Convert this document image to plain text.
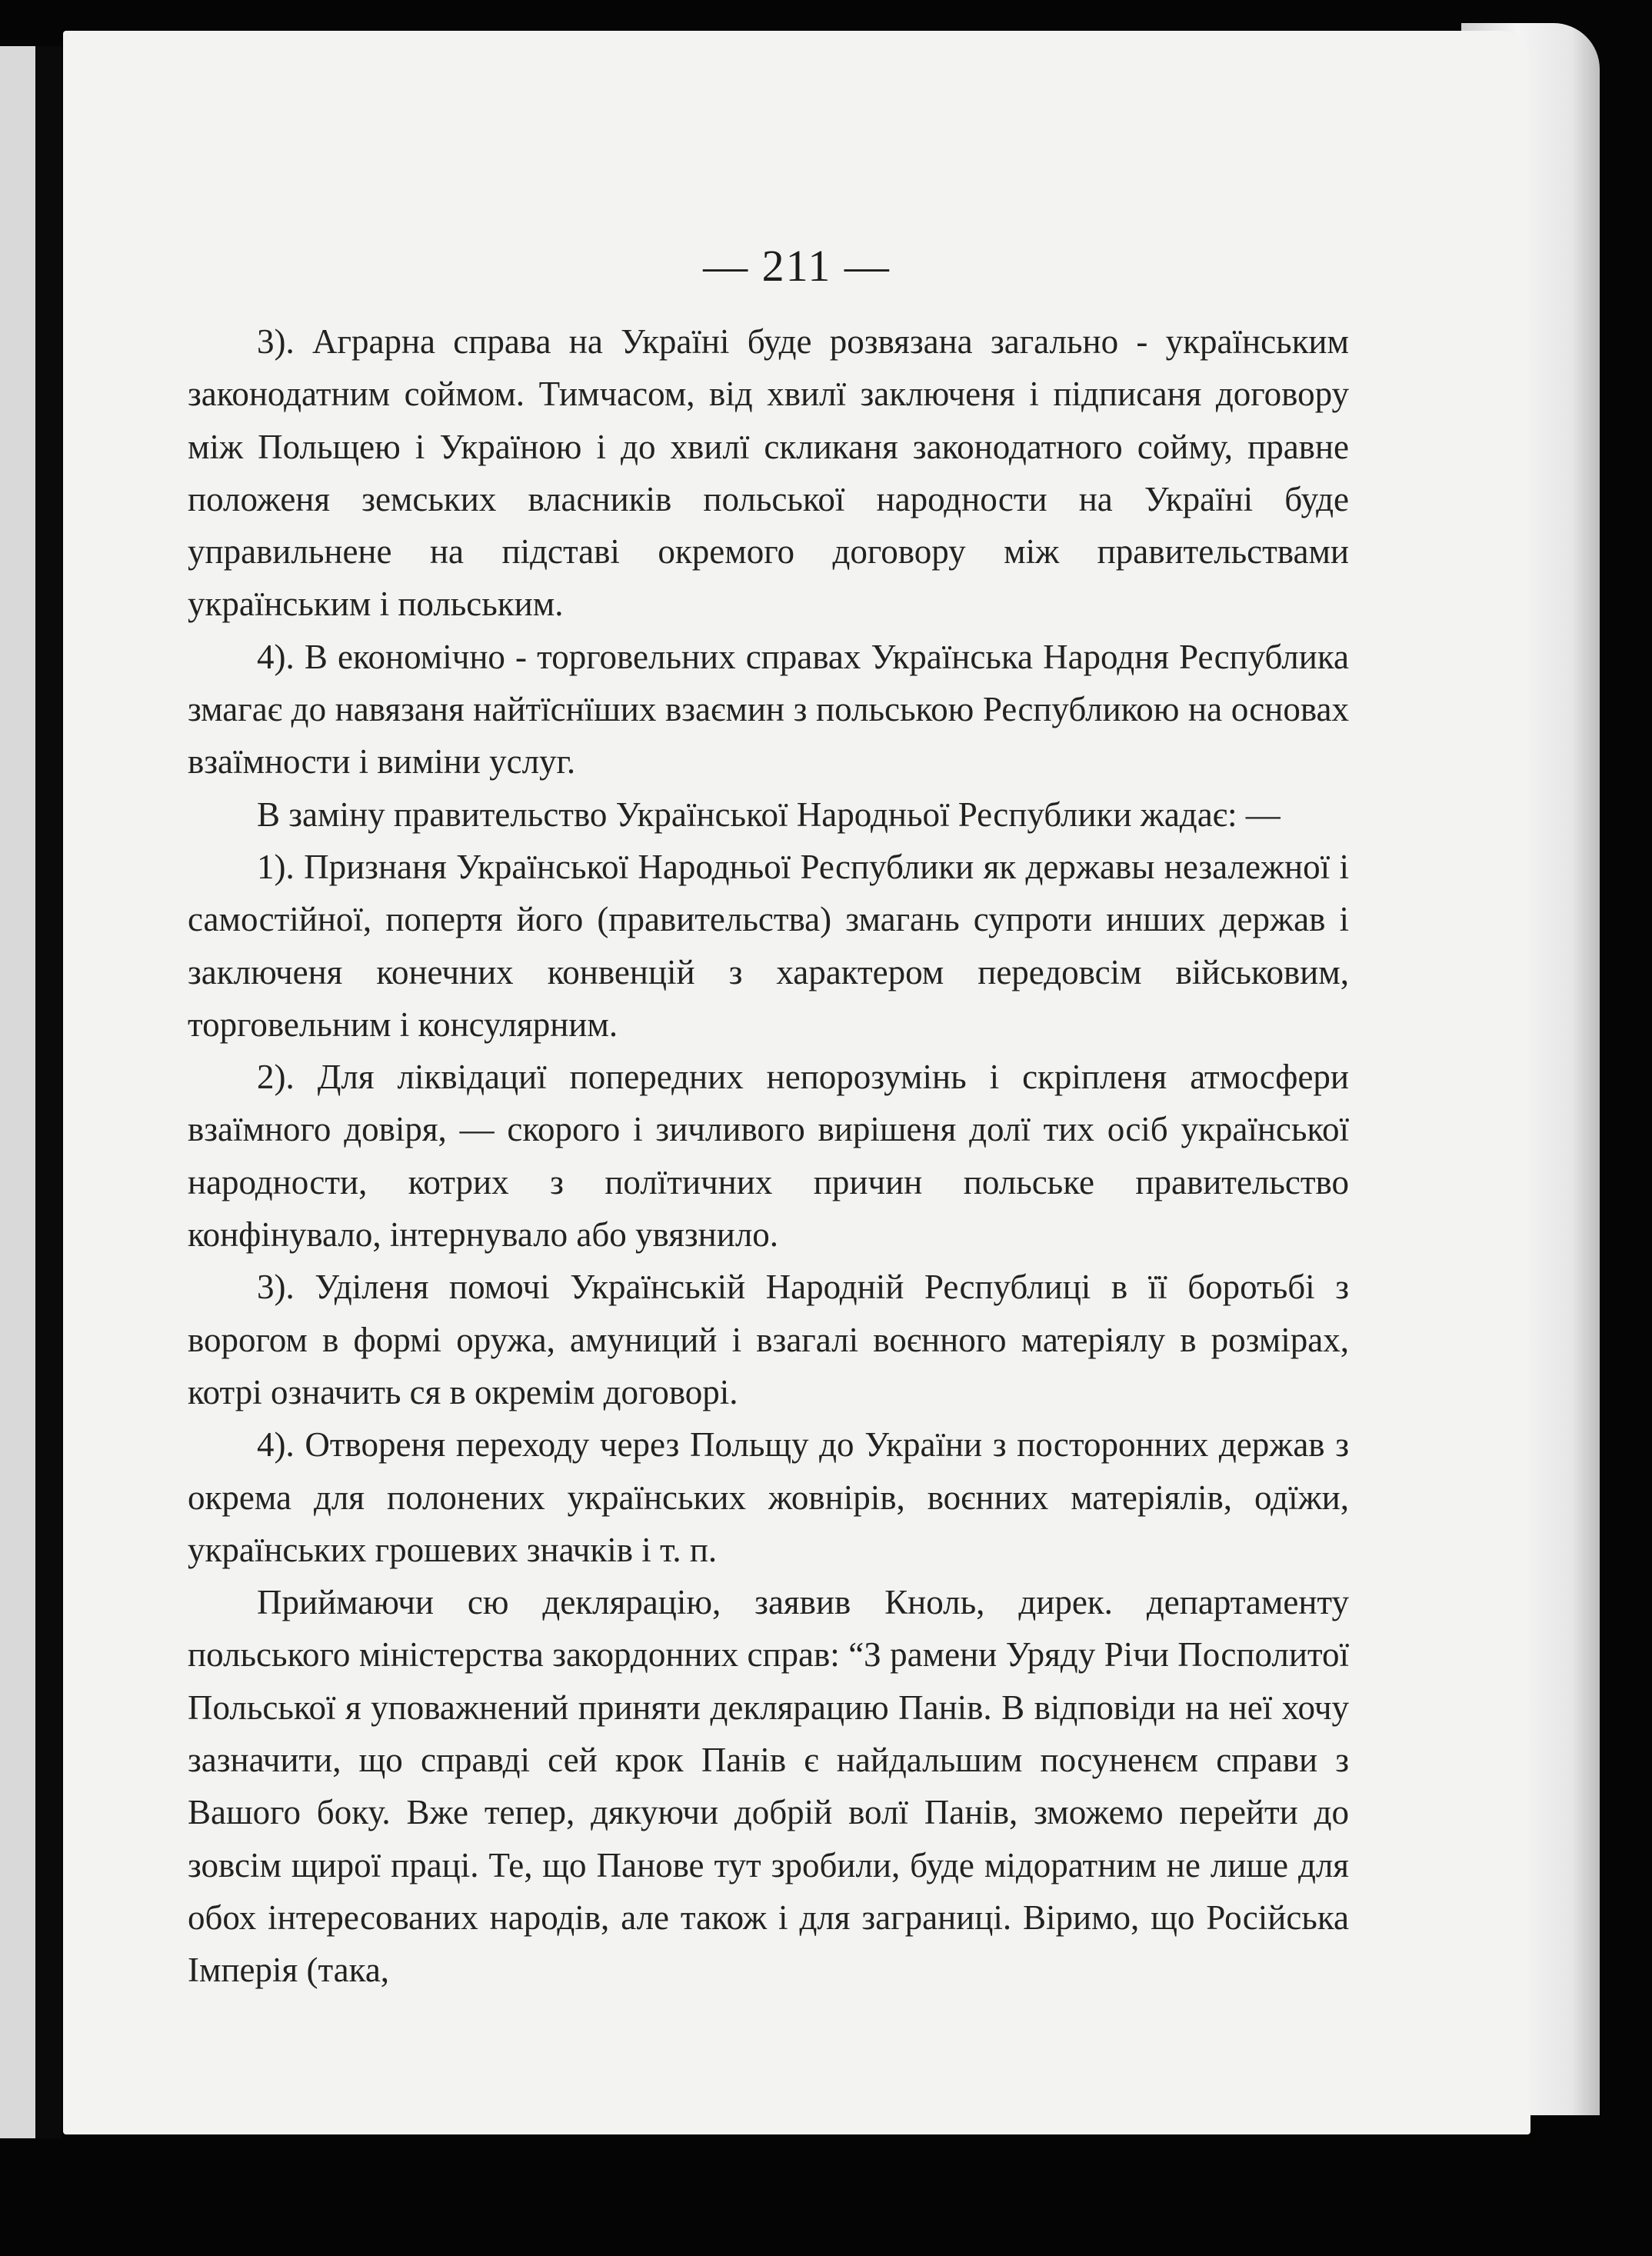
— 211 —

3). Аграрна справа на Україні буде розвязана загально - українським законодатним соймом. Тимчасом, від хвилї заключеня і підписаня договору між Польщею і Україною і до хвилї скликаня законодатного сойму, правне положеня земських власників польської народности на Україні буде управильнене на підставі окремого договору між правительствами українським і польським.

4). В економічно - торговельних справах Українська Народня Республика змагає до навязаня найтїснїших взаємин з польською Республикою на основах взаїмности і виміни услуг.

В заміну правительство Української Народньої Республики жадає: —

1). Признаня Української Народньої Республики як державы незалежної і самостійної, попертя його (правительства) змагань супроти инших держав і заключеня конечних конвенцій з характером передовсім військовим, торговельним і консулярним.

2). Для ліквідациї попередних непорозумінь і скріпленя атмосфери взаїмного довіря, — скорого і зичливого вирішеня долї тих осіб української народности, котрих з полїтичних причин польське правительство конфінувало, інтернувало або увязнило.

3). Уділеня помочі Українській Народній Республиці в її боротьбі з ворогом в формі оружа, амуниций і взагалі воєнного матеріялу в розмірах, котрі означить ся в окремім договорі.

4). Отвореня переходу через Польщу до України з посторонних держав з окрема для полонених українських жовнірів, воєнних матеріялів, одїжи, українських грошевих значків і т. п.

Приймаючи сю декляpацію, заявив Кноль, дирек. департаменту польського міністерства закордонних справ: “З рамени Уряду Річи Посполитої Польської я уповажнений приняти декляpацию Панів. В відповіди на неї хочу зазначити, що справді сей крок Панів є найдальшим посуненєм справи з Вашого боку. Вже тепер, дякуючи добрій волї Панів, зможемо перейти до зовсім щирої праці. Те, що Панове тут зробили, буде мідоратним не лише для обох інтересованих народів, але також і для заграниці. Віримо, що Російська Імперія (така,
